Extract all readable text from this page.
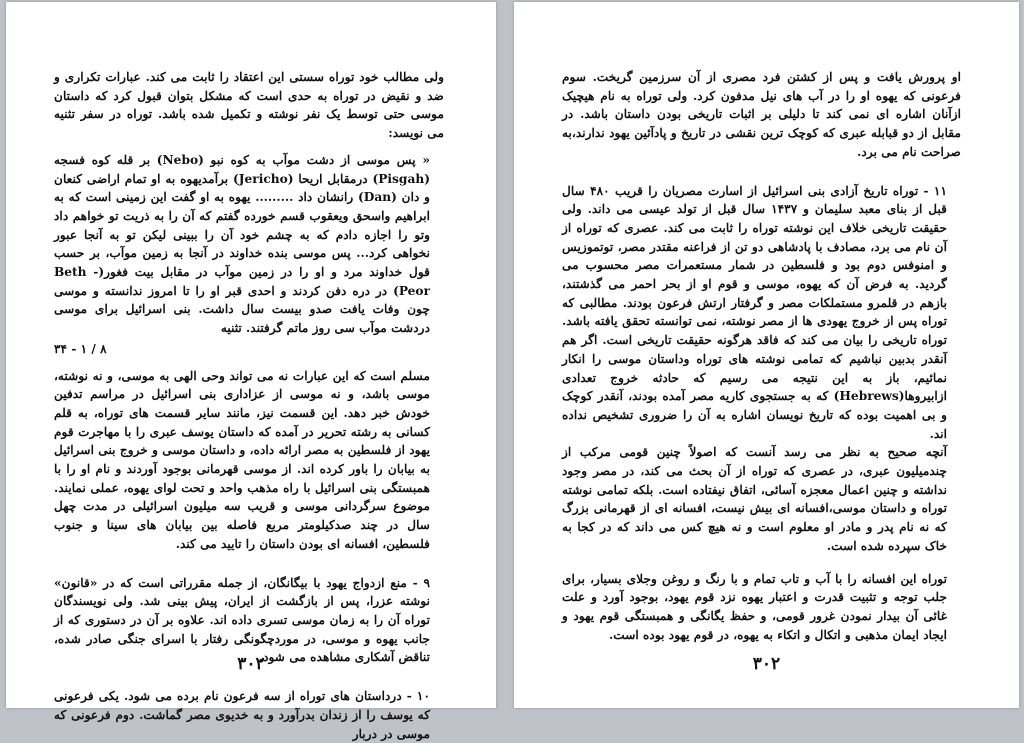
ولی مطالب خود توراه سستی این اعتقاد را ثابت می کند. عبارات تکراری و ضد و نقیض در توراه به حدی است که مشکل بتوان قبول کرد که داستان موسی حتی توسط یک نفر نوشته و تکمیل شده باشد. توراه در سفر تثنیه می نویسد:

« پس موسی از دشت موآب به کوه نبو (Nebo) بر قله کوه فسجه (Pisgah) درمقابل اریحا (Jericho) برآمدیهوه به او تمام اراضی کنعان و دان (Dan) رانشان داد ......... یهوه به او گفت این زمینی است که به ابراهیم واسحق ویعقوب قسم خورده گفتم که آن را به ذریت تو خواهم داد وتو را اجازه دادم که به چشم خود آن را ببینی لیکن تو به آنجا عبور نخواهی کرد... پس موسی بنده خداوند در آنجا به زمین موآب، بر حسب قول خداوند مرد و او را در زمین موآب در مقابل بیت فغور(Beth - Peor) در دره دفن کردند و احدی قبر او را تا امروز ندانسته و موسی چون وفات یافت صدو بیست سال داشت. بنی اسرائیل برای موسی دردشت موآب سی روز ماتم گرفتند. تثنیه

۳۴ - ۱ / ۸

مسلم است که این عبارات نه می تواند وحی الهی به موسی، و نه نوشته، موسی باشد، و نه موسی از عزاداری بنی اسرائیل در مراسم تدفین خودش خبر دهد. این قسمت نیز، مانند سایر قسمت های توراه، به قلم کسانی به رشته تحریر در آمده که داستان یوسف عبری را با مهاجرت قوم یهود از فلسطین به مصر ارائه داده، و داستان موسی و خروج بنی اسرائیل به بیابان را باور کرده اند. از موسی قهرمانی بوجود آوردند و نام او را با همبستگی بنی اسرائیل با راه مذهب واحد و تحت لوای یهوه، عملی نمایند. موضوع سرگردانی موسی و قریب سه میلیون اسرائیلی در مدت چهل سال در چند صدکیلومتر مربع فاصله بین بیابان های سینا و جنوب فلسطین، افسانه ای بودن داستان را تایید می کند.

۹ - منع ازدواج یهود با بیگانگان، از جمله مقرراتی است که در «قانون» نوشته عزرا، پس از بازگشت از ایران، پیش بینی شد. ولی نویسندگان توراه آن را به زمان موسی تسری داده اند. علاوه بر آن در دستوری که از جانب یهوه و موسی، در موردچگونگی رفتار با اسرای جنگی صادر شده، تناقض آشکاری مشاهده می شود.

۱۰ - درداستان های توراه از سه فرعون نام برده می شود. یکی فرعونی که یوسف را از زندان بدرآورد و به خدیوی مصر گماشت. دوم فرعونی که موسی در دربار

۳۰۲

او پرورش یافت و پس از کشتن فرد مصری از آن سرزمین گریخت. سوم فرعونی که یهوه او را در آب های نیل مدفون کرد. ولی توراه به نام هیچیک ازآنان اشاره ای نمی کند تا دلیلی بر اثبات تاریخی بودن داستان باشد. در مقابل از دو قبابله عبری که کوچک ترین نقشی در تاریخ و پادآئین یهود ندارند،به صراحت نام می برد.

۱۱ - توراه تاریخ آزادی بنی اسرائیل از اسارت مصریان را قریب ۴۸۰ سال قبل از بنای معبد سلیمان و ۱۴۳۷ سال قبل از تولد عیسی می داند. ولی حقیقت تاریخی خلاف این نوشته توراه را ثابت می کند. عصری که توراه از آن نام می برد، مصادف با پادشاهی دو تن از فراعنه مقتدر مصر، توتموزیس و امنوفس دوم بود و فلسطین در شمار مستعمرات مصر محسوب می گردید. به فرض آن که یهوه، موسی و قوم او از بحر احمر می گذشتند، بازهم در قلمرو مستملکات مصر و گرفتار ارتش فرعون بودند. مطالبی که توراه پس از خروج یهودی ها از مصر نوشته، نمی توانسته تحقق یافته باشد. توراه تاریخی را بیان می کند که فاقد هرگونه حقیقت تاریخی است. اگر هم آنقدر بدبین نباشیم که تمامی نوشته های توراه وداستان موسی را انکار نمائیم، باز به این نتیجه می رسیم که حادثه خروج تعدادی ازابیروها(Hebrews) که به جستجوی کاریه مصر آمده بودند، آنقدر کوچک و بی اهمیت بوده که تاریخ نویسان اشاره به آن را ضروری تشخیص نداده اند.

آنچه صحیح به نظر می رسد آنست که اصولاً چنین قومی مرکب از چندمیلیون عبری، در عصری که توراه از آن بحث می کند، در مصر وجود نداشته و چنین اعمال معجزه آسائی، اتفاق نیفتاده است. بلکه تمامی نوشته توراه و داستان موسی،افسانه ای بیش نیست، افسانه ای از قهرمانی بزرگ که نه نام پدر و مادر او معلوم است و نه هیچ کس می داند که در کجا به خاک سپرده شده است.

توراه این افسانه را با آب و تاب تمام و با رنگ و روغن وجلای بسیار، برای جلب توجه و تثبیت قدرت و اعتبار یهوه نزد قوم یهود، بوجود آورد و علت غائی آن بیدار نمودن غرور قومی، و حفظ یگانگی و همبستگی قوم یهود و ایجاد ایمان مذهبی و اتکال و اتکاء به یهوه، در قوم یهود بوده است.

۳۰۲
